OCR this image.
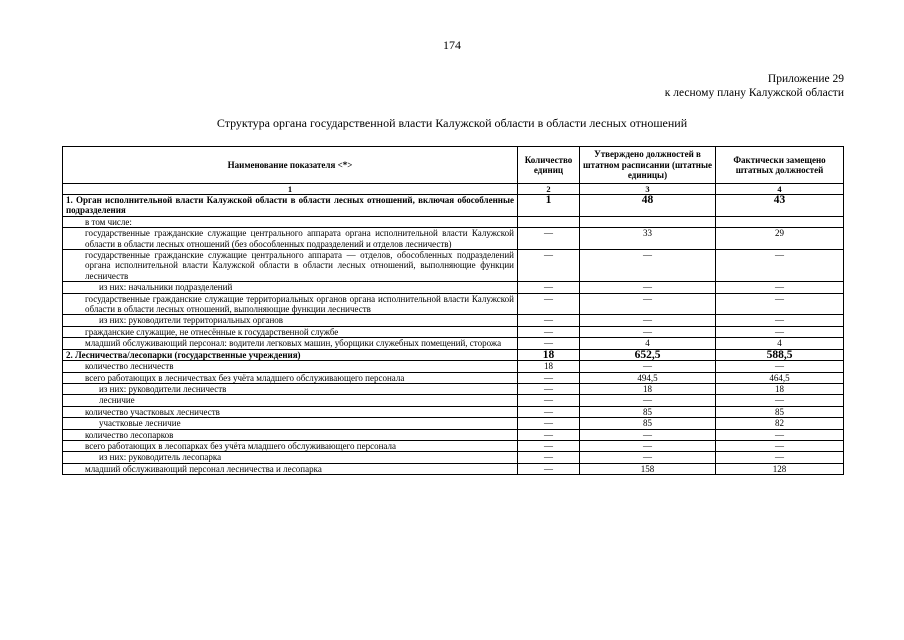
174
Приложение 29
к лесному плану Калужской области
Структура органа государственной власти Калужской области в области лесных отношений
Наименование показателя <*>	Количество единиц	Утверждено должностей в штатном расписании (штатные единицы)	Фактически замещено штатных должностей
1	2	3	4
1. Орган исполнительной власти Калужской области в области лесных отношений, включая обособленные подразделения	1	48	43
в том числе:			
государственные гражданские служащие центрального аппарата органа исполнительной власти Калужской области в области лесных отношений (без обособленных подразделений и отделов лесничеств)	—	33	29
государственные гражданские служащие центрального аппарата — отделов, обособленных подразделений органа исполнительной власти Калужской области в области лесных отношений, выполняющие функции лесничеств	—	—	—
из них: начальники подразделений	—	—	—
государственные гражданские служащие территориальных органов органа исполнительной власти Калужской области в области лесных отношений, выполняющие функции лесничеств	—	—	—
из них: руководители территориальных органов	—	—	—
гражданские служащие, не отнесённые к государственной службе	—	—	—
младший обслуживающий персонал: водители легковых машин, уборщики служебных помещений, сторожа	—	4	4
2. Лесничества/лесопарки (государственные учреждения)	18	652,5	588,5
количество лесничеств	18	—	—
всего работающих в лесничествах без учёта младшего обслуживающего персонала	—	494,5	464,5
из них: руководители лесничеств	—	18	18
лесничие	—	—	—
количество участковых лесничеств	—	85	85
участковые лесничие	—	85	82
количество лесопарков	—	—	—
всего работающих в лесопарках без учёта младшего обслуживающего персонала	—	—	—
из них: руководитель лесопарка	—	—	—
младший обслуживающий персонал лесничества и лесопарка	—	158	128
